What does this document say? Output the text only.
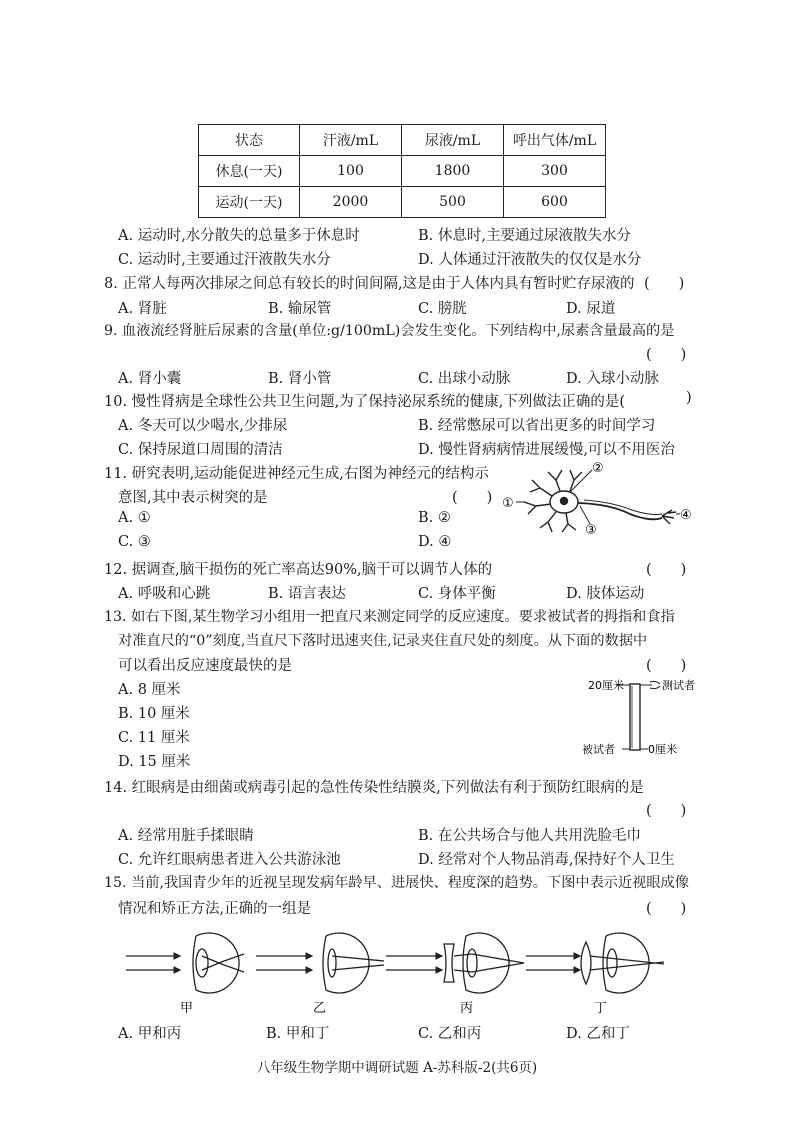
状态	汗液/mL	尿液/mL	呼出气体/mL
休息(一天)	100	1800	300
运动(一天)	2000	500	600
A. 运动时,水分散失的总量多于休息时	B. 休息时,主要通过尿液散失水分
C. 运动时,主要通过汗液散失水分	D. 人体通过汗液散失的仅仅是水分
8. 正常人每两次排尿之间总有较长的时间间隔,这是由于人体内具有暂时贮存尿液的 (　　)
A. 肾脏	B. 输尿管	C. 膀胱	D. 尿道
9. 血液流经肾脏后尿素的含量(单位:g/100mL)会发生变化。下列结构中,尿素含量最高的是
(　　)
A. 肾小囊	B. 肾小管	C. 出球小动脉	D. 入球小动脉
10. 慢性肾病是全球性公共卫生问题,为了保持泌尿系统的健康,下列做法正确的是(	)
A. 冬天可以少喝水,少排尿	B. 经常憋尿可以省出更多的时间学习
C. 保持尿道口周围的清洁	D. 慢性肾病病情进展缓慢,可以不用医治
11. 研究表明,运动能促进神经元生成,右图为神经元的结构示
意图,其中表示树突的是	(　　)
A. ①	B. ②
C. ③	D. ④
①
②
③
④
12. 据调查,脑干损伤的死亡率高达90%,脑干可以调节人体的	(　　)
A. 呼吸和心跳	B. 语言表达	C. 身体平衡	D. 肢体运动
13. 如右下图,某生物学习小组用一把直尺来测定同学的反应速度。要求被试者的拇指和食指
对准直尺的“0”刻度,当直尺下落时迅速夹住,记录夹住直尺处的刻度。从下面的数据中
可以看出反应速度最快的是	(　　)
A. 8 厘米
B. 10 厘米
C. 11 厘米
D. 15 厘米
20厘米	测试者
被试者	0厘米
14. 红眼病是由细菌或病毒引起的急性传染性结膜炎,下列做法有利于预防红眼病的是
(　　)
A. 经常用脏手揉眼睛	B. 在公共场合与他人共用洗脸毛巾
C. 允许红眼病患者进入公共游泳池	D. 经常对个人物品消毒,保持好个人卫生
15. 当前,我国青少年的近视呈现发病年龄早、进展快、程度深的趋势。下图中表示近视眼成像
情况和矫正方法,正确的一组是	(　　)
甲	乙	丙	丁
A. 甲和丙	B. 甲和丁	C. 乙和丙	D. 乙和丁
八年级生物学期中调研试题 A-苏科版-2(共6页)
